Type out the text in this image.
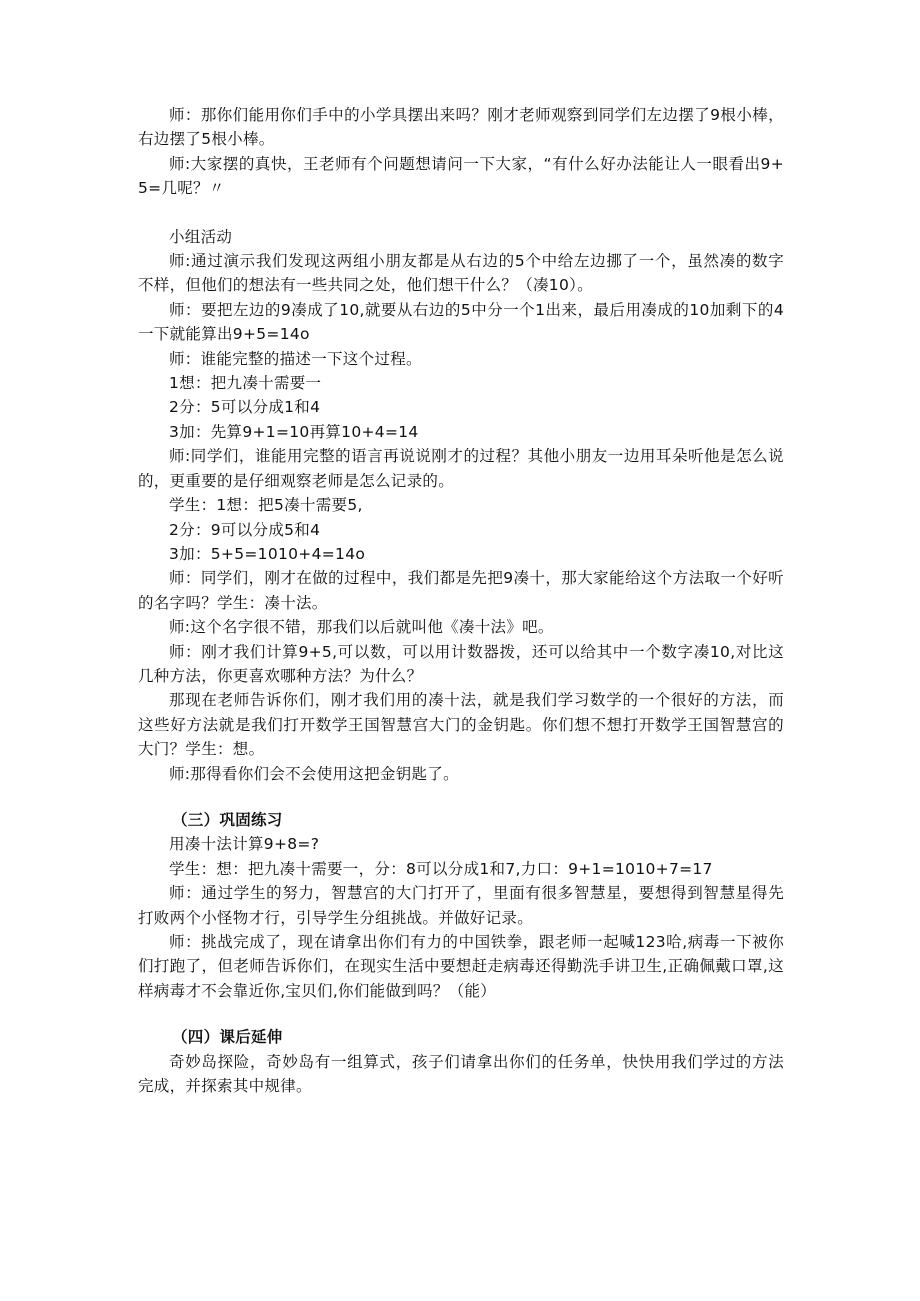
师：那你们能用你们手中的小学具摆出来吗？刚才老师观察到同学们左边摆了9根小棒，右边摆了5根小棒。

师:大家摆的真快，王老师有个问题想请问一下大家，“有什么好办法能让人一眼看出9+5=几呢？〃

小组活动

师:通过演示我们发现这两组小朋友都是从右边的5个中给左边挪了一个，虽然凑的数字不样，但他们的想法有一些共同之处，他们想干什么？（凑10）。

师：要把左边的9凑成了10,就要从右边的5中分一个1出来，最后用凑成的10加剩下的4一下就能算出9+5=14o

师：谁能完整的描述一下这个过程。

1想：把九凑十需要一

2分：5可以分成1和4

3加：先算9+1=10再算10+4=14

师:同学们，谁能用完整的语言再说说刚才的过程？其他小朋友一边用耳朵听他是怎么说的，更重要的是仔细观察老师是怎么记录的。

学生：1想：把5凑十需要5,

2分：9可以分成5和4

3加：5+5=1010+4=14o

师：同学们，刚才在做的过程中，我们都是先把9凑十，那大家能给这个方法取一个好听的名字吗？学生：凑十法。

师:这个名字很不错，那我们以后就叫他《凑十法》吧。

师：刚才我们计算9+5,可以数，可以用计数器拨，还可以给其中一个数字凑10,对比这几种方法，你更喜欢哪种方法？为什么？

那现在老师告诉你们，刚才我们用的凑十法，就是我们学习数学的一个很好的方法，而这些好方法就是我们打开数学王国智慧宫大门的金钥匙。你们想不想打开数学王国智慧宫的大门？学生：想。

师:那得看你们会不会使用这把金钥匙了。

（三）巩固练习

用凑十法计算9+8=?

学生：想：把九凑十需要一，分：8可以分成1和7,力口：9+1=1010+7=17

师：通过学生的努力，智慧宫的大门打开了，里面有很多智慧星，要想得到智慧星得先打败两个小怪物才行，引导学生分组挑战。并做好记录。

师：挑战完成了，现在请拿出你们有力的中国铁拳，跟老师一起喊123哈,病毒一下被你们打跑了，但老师告诉你们，在现实生活中要想赶走病毒还得勤洗手讲卫生,正确佩戴口罩,这样病毒才不会靠近你,宝贝们,你们能做到吗？（能）

（四）课后延伸

奇妙岛探险，奇妙岛有一组算式，孩子们请拿出你们的任务单，快快用我们学过的方法完成，并探索其中规律。
